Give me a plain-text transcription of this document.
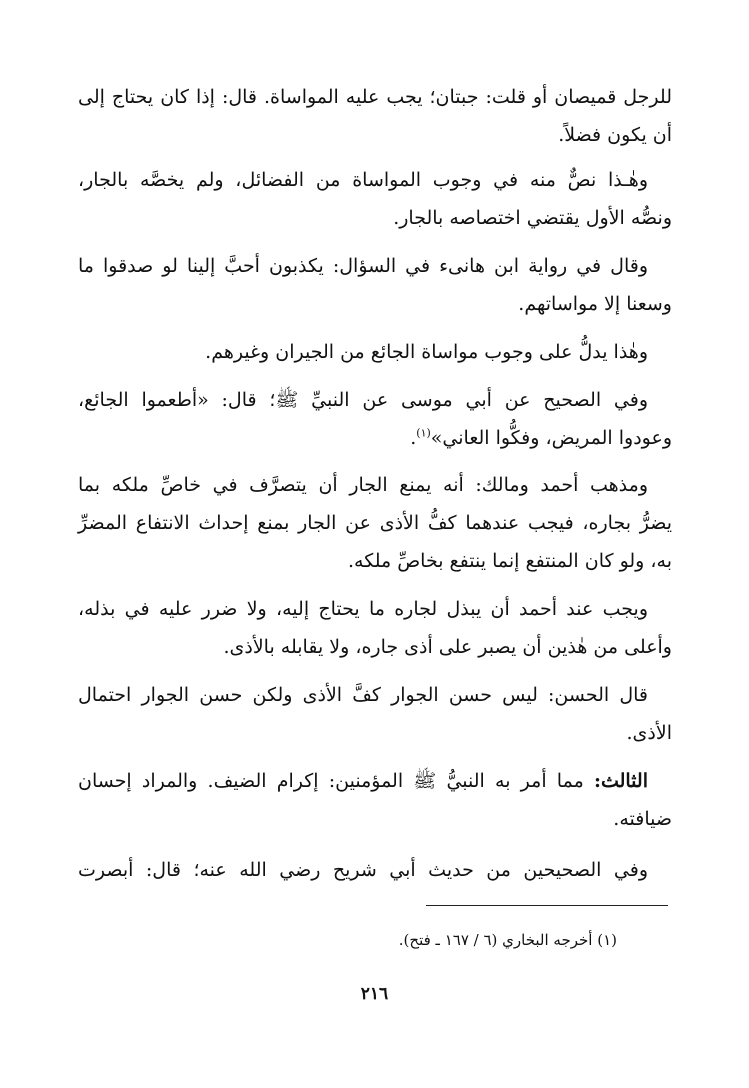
للرجل قميصان أو قلت: جبتان؛ يجب عليه المواساة. قال: إذا كان يحتاج إلى
أن يكون فضلاً.
وهٰـذا نصٌّ منه في وجوب المواساة من الفضائل، ولم يخصَّه بالجار،
ونصُّه الأول يقتضي اختصاصه بالجار.
وقال في رواية ابن هانىء في السؤال: يكذبون أحبَّ إلينا لو صدقوا ما
وسعنا إلا مواساتهم.
وهٰذا يدلُّ على وجوب مواساة الجائع من الجيران وغيرهم.
وفي الصحيح عن أبي موسى عن النبيِّ ﷺ؛ قال: «أطعموا الجائع،
وعودوا المريض، وفكُّوا العاني»$^{(١)}$.
ومذهب أحمد ومالك: أنه يمنع الجار أن يتصرَّف في خاصِّ ملكه بما
يضرُّ بجاره، فيجب عندهما كفُّ الأذى عن الجار بمنع إحداث الانتفاع المضرِّ
به، ولو كان المنتفع إنما ينتفع بخاصِّ ملكه.
ويجب عند أحمد أن يبذل لجاره ما يحتاج إليه، ولا ضرر عليه في بذله،
وأعلى من هٰذين أن يصبر على أذى جاره، ولا يقابله بالأذى.
قال الحسن: ليس حسن الجوار كفَّ الأذى ولكن حسن الجوار احتمال
الأذى.
الثالث: مما أمر به النبيُّ ﷺ المؤمنين: إكرام الضيف. والمراد إحسان
ضيافته.
وفي الصحيحين من حديث أبي شريح رضي الله عنه؛ قال: أبصرت
(١) أخرجه البخاري (٦ / ١٦٧ ـ فتح).
٢١٦
